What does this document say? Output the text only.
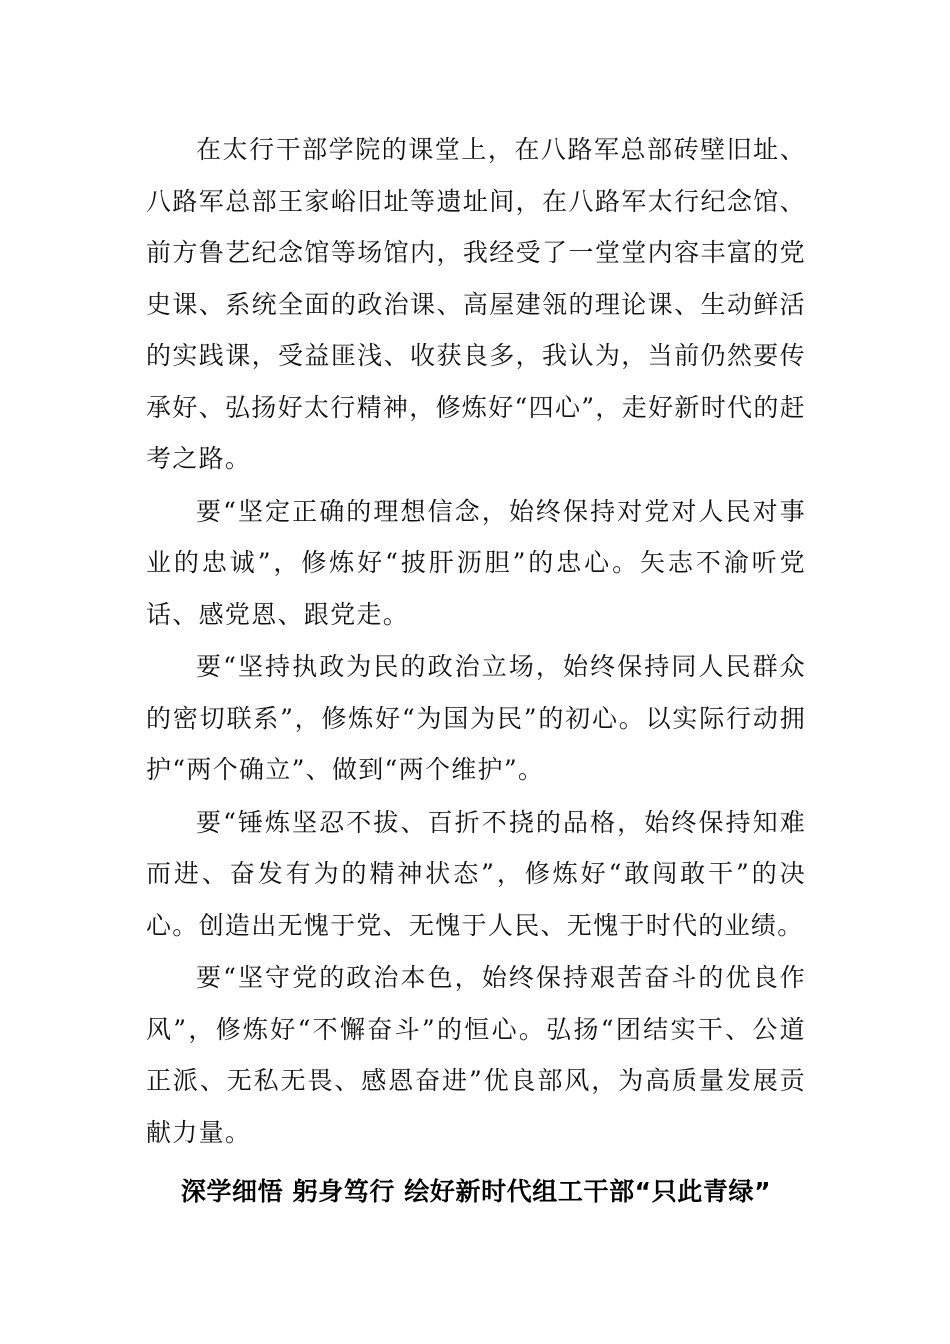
在太行干部学院的课堂上，在八路军总部砖壁旧址、八路军总部王家峪旧址等遗址间，在八路军太行纪念馆、前方鲁艺纪念馆等场馆内，我经受了一堂堂内容丰富的党史课、系统全面的政治课、高屋建瓴的理论课、生动鲜活的实践课，受益匪浅、收获良多，我认为，当前仍然要传承好、弘扬好太行精神，修炼好“四心”，走好新时代的赶考之路。

要“坚定正确的理想信念，始终保持对党对人民对事业的忠诚”，修炼好“披肝沥胆”的忠心。矢志不渝听党话、感党恩、跟党走。

要“坚持执政为民的政治立场，始终保持同人民群众的密切联系”，修炼好“为国为民”的初心。以实际行动拥护“两个确立”、做到“两个维护”。

要“锤炼坚忍不拔、百折不挠的品格，始终保持知难而进、奋发有为的精神状态”，修炼好“敢闯敢干”的决心。创造出无愧于党、无愧于人民、无愧于时代的业绩。

要“坚守党的政治本色，始终保持艰苦奋斗的优良作风”，修炼好“不懈奋斗”的恒心。弘扬“团结实干、公道正派、无私无畏、感恩奋进”优良部风，为高质量发展贡献力量。

深学细悟 躬身笃行 绘好新时代组工干部“只此青绿”
